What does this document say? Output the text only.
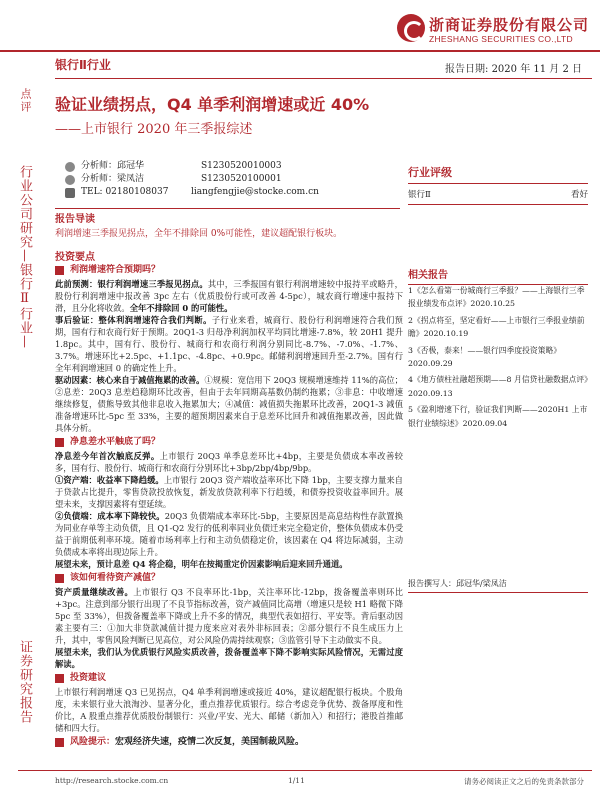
浙商证券股份有限公司
ZHESHANG SECURITIES CO.,LTD
银行Ⅱ行业	报告日期: 2020 年 11 月 2 日
点评
行业公司研究—银行Ⅱ行业—
证券研究报告
验证业绩拐点，Q4 单季利润增速或近 40%
——上市银行 2020 年三季报综述
分析师：邱冠华	S1230520010003
分析师：梁凤洁	S1230520100001
TEL: 02180108037	liangfengjie@stocke.com.cn
报告导读
利润增速三季报见拐点，全年不排除回 0%可能性，建议超配银行板块。
投资要点
利润增速符合预期吗？

此前预测：银行利润增速三季报见拐点。其中，三季报国有银行利润增速较中报持平或略升，股份行利润增速中报改善 3pc 左右（优质股份行或可改善 4-5pc），城农商行增速中报持下滑，且分化将收敛。全年不排除回 0 的可能性。

事后验证：整体利润增速符合我们判断。子行业来看，城商行、股份行利润增速符合我们预期，国有行和农商行好于预期。20Q1-3 归母净利润加权平均同比增速-7.8%，较 20H1 提升 1.8pc。其中，国有行、股份行、城商行和农商行利润分别同比-8.7%、-7.0%、-1.7%、3.7%。增速环比+2.5pc、+1.1pc、-4.8pc、+0.9pc。邮储利润增速回升至-2.7%。国有行全年利润增速回 0 的确定性上升。

驱动因素：核心来自于减值拖累的改善。①规模：宽信用下 20Q3 规模增速维持 11%的高位；②息差：20Q3 息差趋稳期环比改善，但由于去年同期高基数仍制约拖累；③非息：中收增速继续修复，债熊导致其他非息收入拖累加大；④减值：减值损失拖累环比改善，20Q1-3 减值准备增速环比-5pc 至 33%，主要的超预期因素来自于息差环比回升和减值拖累改善，因此做具体分析。

净息差水平触底了吗？

净息差今年首次触底反弹。上市银行 20Q3 单季息差环比+4bp，主要是负债成本率改善较多，国有行、股份行、城商行和农商行分别环比+3bp/2bp/4bp/9bp。

①资产端：收益率下降趋缓。上市银行 20Q3 资产端收益率环比下降 1bp，主要支撑力量来自于贷款占比提升，零售贷款投放恢复，新发放贷款利率下行趋缓，和债券投资收益率回升。展望未来，支撑因素将有望延续。

②负债端：成本率下降较快。20Q3 负债端成本率环比-5bp，主要原因是高息结构性存款置换为同业存单等主动负债，且 Q1-Q2 发行的低利率同业负债迁来完全稳定价，整体负债成本仍受益于前期低利率环境。随着市场利率上行和主动负债稳定价，该因素在 Q4 将边际减弱，主动负债成本率将出现边际上升。

展望未来，预计息差 Q4 将企稳，明年在按揭重定价因素影响后迎来回升通道。

该如何看待资产减值？

资产质量继续改善。上市银行 Q3 不良率环比-1bp，关注率环比-12bp，拨备覆盖率则环比+3pc。注意到部分银行出现了不良节指标改善，资产减值同比高增（增速只是较 H1 略微下降 5pc 至 33%），但拨备覆盖率下降或上升不多的情况，典型代表如招行、平安等。背后驱动因素主要有三：①加大非贷款减值计提力度来应对表外非标回表；②部分银行不良生成压力上升，其中，零售风险判断已见高位，对公风险仍需持续观察；③监管引导下主动做实不良。

展望未来，我们认为优质银行风险实质改善，拨备覆盖率下降不影响实际风险情况，无需过度解读。

投资建议

上市银行利润增速 Q3 已见拐点，Q4 单季利润增速或接近 40%，建议超配银行板块。个股角度，未来银行业大浪淘沙、显著分化，重点推荐优质银行。综合考虑竞争优势、拨备厚度和性价比，A 股重点推荐优质股份制银行：兴业/平安、光大、邮储（新加入）和招行；港股首推邮储和四大行。

风险提示： 宏观经济失速，疫情二次反复，美国制裁风险。
行业评级
银行Ⅱ	看好
相关报告
1《怎么看第一份城商行三季报？——上海银行三季报业绩发布点评》2020.10.25
2《拐点将至，坚定看好——上市银行三季报业绩前瞻》2020.10.19
3《否极，泰来！——银行四季度投资策略》2020.09.29
4《地方债柱社融超预期——8 月信贷社融数据点评》2020.09.13
5《盈利增速下行，验证我们判断——2020H1 上市银行业绩综述》2020.09.04
报告撰写人：邱冠华/梁凤洁
http://research.stocke.com.cn	1/11	请务必阅读正文之后的免责条款部分
